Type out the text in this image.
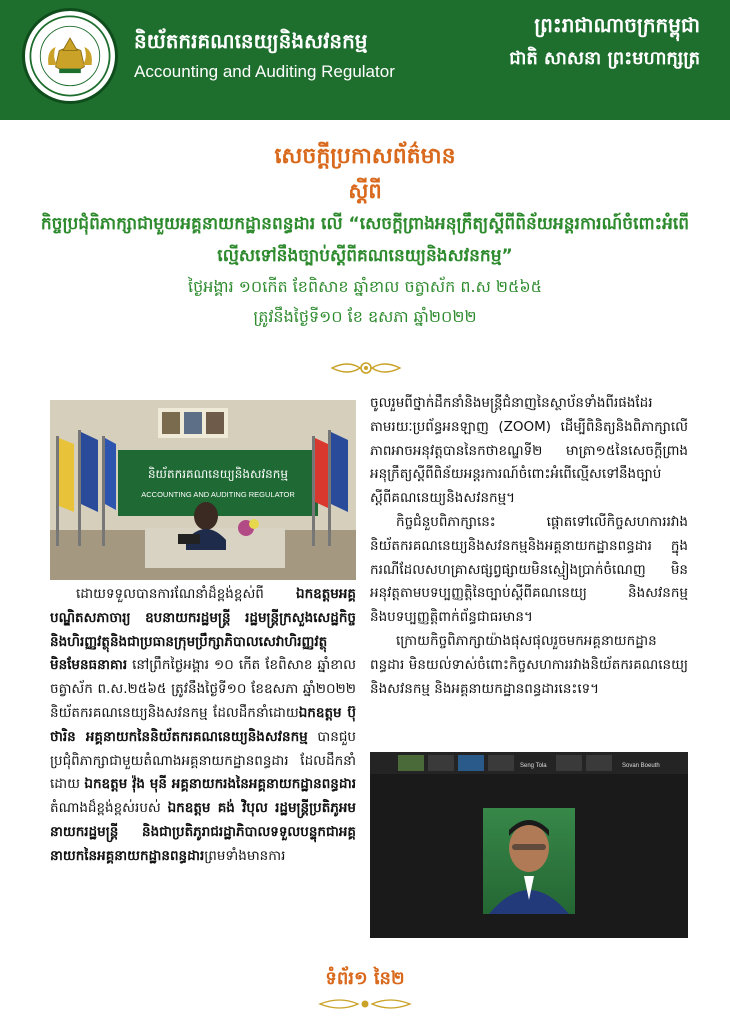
និយ័តករគណនេយ្យនិងសវនកម្ម
Accounting and Auditing Regulator
ព្រះរាជាណាចក្រកម្ពុជា
ជាតិ សាសនា ព្រះមហាក្សត្រ
សេចក្តីប្រកាសព័ត៌មាន
ស្តីពី
កិច្ចប្រជុំពិភាក្សាជាមួយអគ្គនាយកដ្ឋានពន្ធដារ លើ “សេចក្តីព្រាងអនុក្រឹត្យស្តីពីពិន័យអន្តរការណ៍ចំពោះអំពើល្មើសទៅនឹងច្បាប់ស្តីពីគណនេយ្យនិងសវនកម្ម”
ថ្ងៃអង្គារ ១០កើត ខែពិសាខ ឆ្នាំខាល ចត្វាស័ក ព.ស ២៥៦៥
ត្រូវនឹងថ្ងៃទី១០ ខែ ឧសភា ឆ្នាំ២០២២
និយ័តករគណនេយ្យនិងសវនកម្ម
ACCOUNTING AND AUDITING REGULATOR

ដោយទទួលបានការណែនាំដ៏ខ្ពង់ខ្ពស់ពី ឯកឧត្តមអគ្គបណ្ឌិតសភាចារ្យ ឧបនាយករដ្ឋមន្ត្រី រដ្ឋមន្ត្រីក្រសួងសេដ្ឋកិច្ចនិងហិរញ្ញវត្ថុនិងជាប្រធានក្រុមប្រឹក្សាភិបាលសេវាហិរញ្ញវត្ថុមិនមែនធនាគារ នៅព្រឹកថ្ងៃអង្គារ ១០ កើត ខែពិសាខ ឆ្នាំខាល ចត្វាស័ក ព.ស.២៥៦៥ ត្រូវនឹងថ្ងៃទី១០ ខែឧសភា ឆ្នាំ២០២២ និយ័តករគណនេយ្យនិងសវនកម្ម ដែលដឹកនាំដោយឯកឧត្តម ប៊ុ ថារិន អគ្គនាយកនៃនិយ័តករគណនេយ្យនិងសវនកម្ម បានជួបប្រជុំពិភាក្សាជាមួយតំណាងអគ្គនាយកដ្ឋានពន្ធដារ ដែលដឹកនាំដោយ ឯកឧត្តម វ៉ុង មុនី អគ្គនាយករងនៃអគ្គនាយកដ្ឋានពន្ធដារ តំណាងដ៏ខ្ពង់ខ្ពស់របស់ ឯកឧត្តម គង់ វិបុល រដ្ឋមន្ត្រីប្រតិភូអមនាយករដ្ឋមន្ត្រី និងជាប្រតិភូរាជរដ្ឋាភិបាលទទួលបន្ទុកជាអគ្គនាយកនៃអគ្គនាយកដ្ឋានពន្ធដារព្រមទាំងមានការ

ចូលរួមពីថ្នាក់ដឹកនាំនិងមន្ត្រីជំនាញនៃស្ថាប័នទាំងពីរផងដែរ តាមរយៈប្រព័ន្ធអនឡាញ (ZOOM) ដើម្បីពិនិត្យនិងពិភាក្សាលើភាពអាចអនុវត្តបាននៃកថាខណ្ឌទី២ មាត្រា១៥នៃសេចក្តីព្រាងអនុក្រឹត្យស្តីពីពិន័យអន្តរការណ៍ចំពោះអំពើល្មើសទៅនឹងច្បាប់ស្តីពីគណនេយ្យនិងសវនកម្ម។

កិច្ចជំនួបពិភាក្សានេះ ផ្តោតទៅលើកិច្ចសហការរវាងនិយ័តករគណនេយ្យនិងសវនកម្មនិងអគ្គនាយកដ្ឋានពន្ធដារ ក្នុងករណីដែលសហគ្រាសផ្សព្វផ្សាយមិនស្មៀងប្រាក់ចំណេញ មិនអនុវត្តតាមបទប្បញ្ញត្តិនៃច្បាប់ស្តីពីគណនេយ្យ និងសវនកម្ម និងបទប្បញ្ញត្តិពាក់ព័ន្ធជាធរមាន។

ក្រោយកិច្ចពិភាក្សាយ៉ាងផុសផុលរួចមកអគ្គនាយកដ្ឋានពន្ធដារ មិនយល់ទាស់ចំពោះកិច្ចសហការរវាងនិយ័តករគណនេយ្យនិងសវនកម្ម និងអគ្គនាយកដ្ឋានពន្ធដារនេះទេ។

Seng Tola	Sovan Boeuth
ទំព័រ១ នៃ២
